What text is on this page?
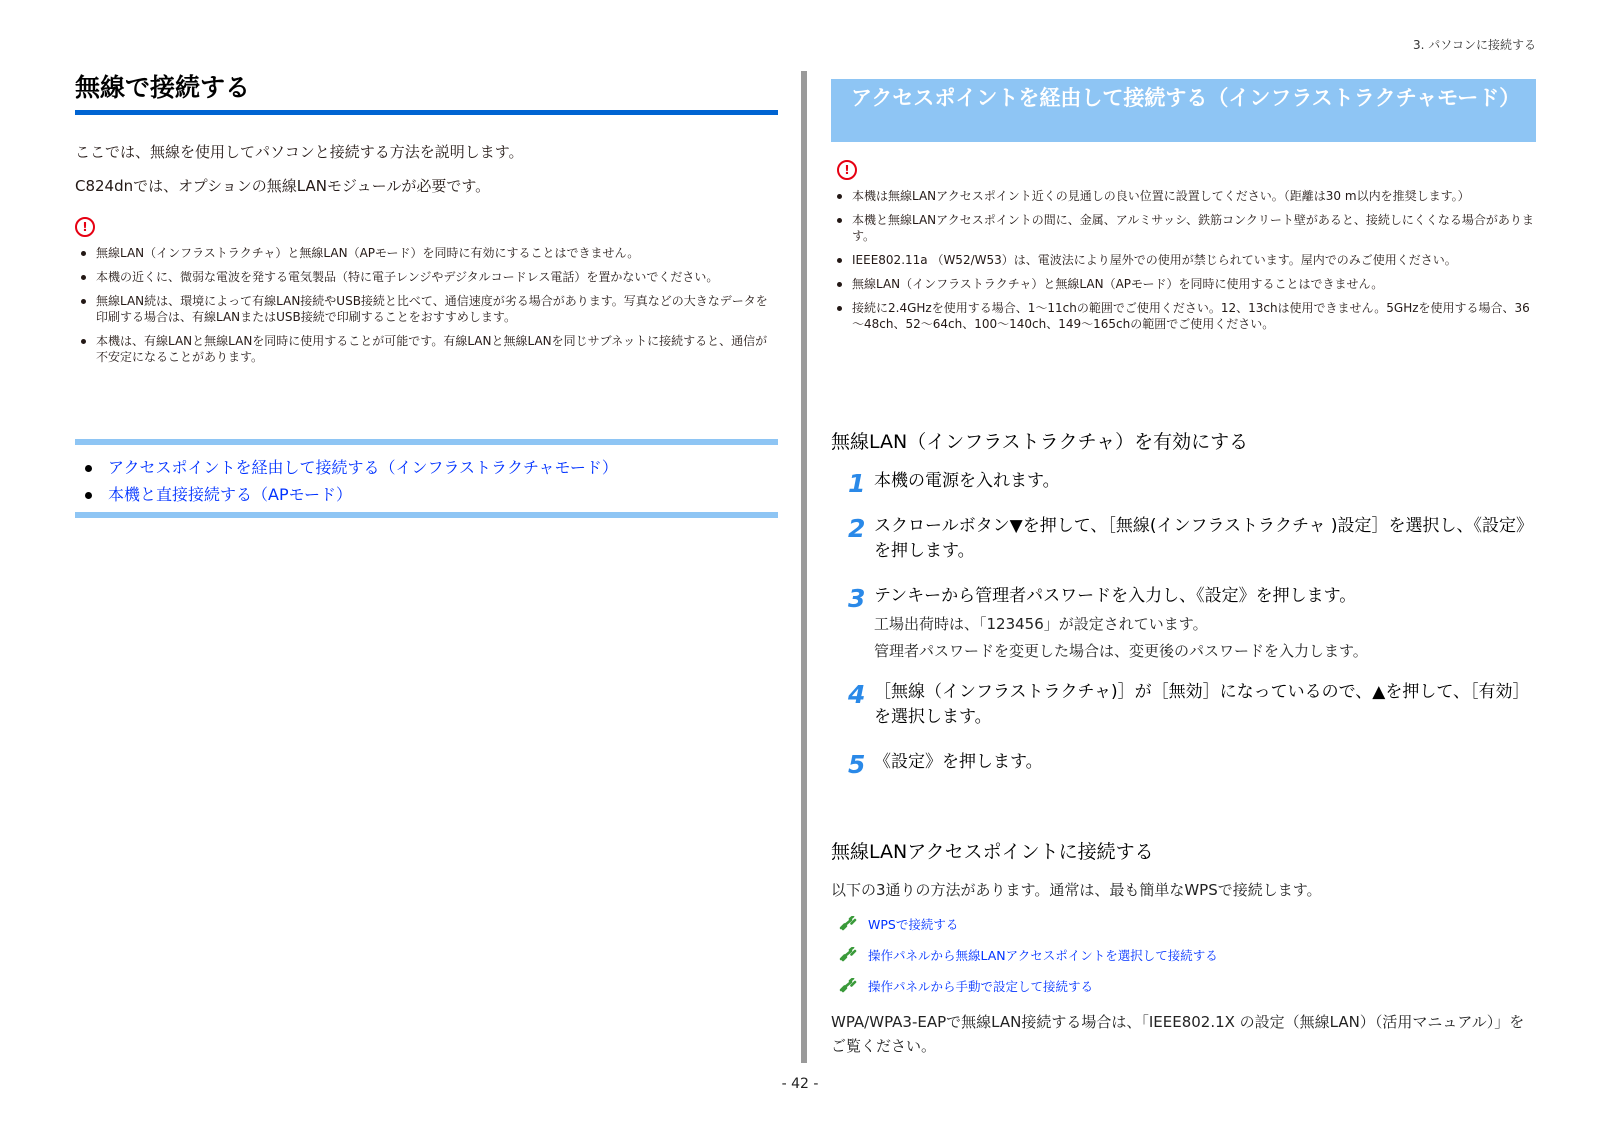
3. パソコンに接続する
無線で接続する

ここでは、無線を使用してパソコンと接続する方法を説明します。

C824dnでは、オプションの無線LANモジュールが必要です。

!
無線LAN（インフラストラクチャ）と無線LAN（APモード）を同時に有効にすることはできません。
本機の近くに、微弱な電波を発する電気製品（特に電子レンジやデジタルコードレス電話）を置かないでください。
無線LAN続は、環境によって有線LAN接続やUSB接続と比べて、通信速度が劣る場合があります。写真などの大きなデータを印刷する場合は、有線LANまたはUSB接続で印刷することをおすすめします。
本機は、有線LANと無線LANを同時に使用することが可能です。有線LANと無線LANを同じサブネットに接続すると、通信が不安定になることがあります。
アクセスポイントを経由して接続する（インフラストラクチャモード）
本機と直接接続する（APモード）
アクセスポイントを経由して接続する（インフラストラクチャモード）
!
本機は無線LANアクセスポイント近くの見通しの良い位置に設置してください。（距離は30 m以内を推奨します。）
本機と無線LANアクセスポイントの間に、金属、アルミサッシ、鉄筋コンクリート壁があると、接続しにくくなる場合があります。
IEEE802.11a （W52/W53）は、電波法により屋外での使用が禁じられています。屋内でのみご使用ください。
無線LAN（インフラストラクチャ）と無線LAN（APモード）を同時に使用することはできません。
接続に2.4GHzを使用する場合、1～11chの範囲でご使用ください。12、13chは使用できません。5GHzを使用する場合、36～48ch、52～64ch、100～140ch、149～165chの範囲でご使用ください。
無線LAN（インフラストラクチャ）を有効にする
1 本機の電源を入れます。
2 スクロールボタン▼を押して、［無線(インフラストラクチャ )設定］を選択し、《設定》を押します。
3 テンキーから管理者パスワードを入力し、《設定》を押します。
工場出荷時は、「123456」が設定されています。
管理者パスワードを変更した場合は、変更後のパスワードを入力します。
4 ［無線（インフラストラクチャ)］が［無効］になっているので、▲を押して、［有効］を選択します。
5 《設定》を押します。
無線LANアクセスポイントに接続する
以下の3通りの方法があります。通常は、最も簡単なWPSで接続します。
WPSで接続する
操作パネルから無線LANアクセスポイントを選択して接続する
操作パネルから手動で設定して接続する
WPA/WPA3-EAPで無線LAN接続する場合は、「IEEE802.1X の設定（無線LAN）（活用マニュアル）」をご覧ください。
- 42 -
